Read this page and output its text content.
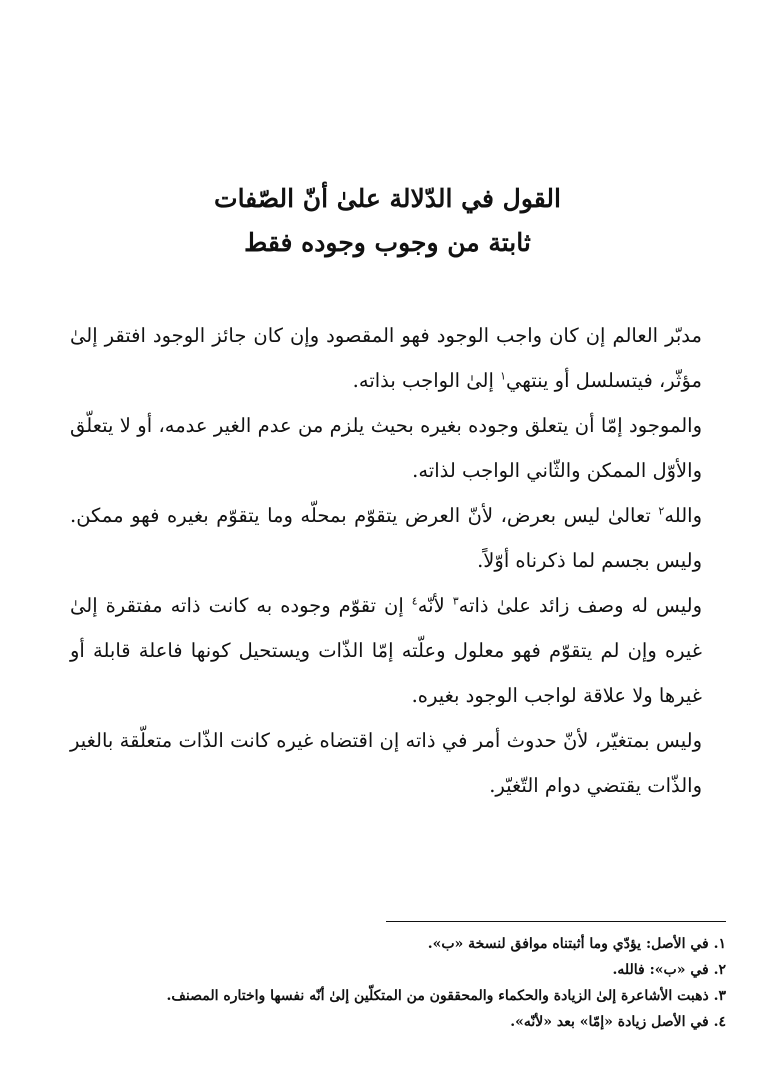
القول في الدّلالة علىٰ أنّ الصّفات
ثابتة من وجوب وجوده فقط

مدبّر العالم إن كان واجب الوجود فهو المقصود وإن كان جائز الوجود افتقر إلىٰ مؤثّر، فيتسلسل أو ينتهي$^١$ إلىٰ الواجب بذاته.

والموجود إمّا أن يتعلق وجوده بغيره بحيث يلزم من عدم الغير عدمه، أو لا يتعلّق والأوّل الممكن والثّاني الواجب لذاته.

والله$^٢$ تعالىٰ ليس بعرض، لأنّ العرض يتقوّم بمحلّه وما يتقوّم بغيره فهو ممكن. وليس بجسم لما ذكرناه أوّلاً.

وليس له وصف زائد علىٰ ذاته$^٣$ لأنّه$^٤$ إن تقوّم وجوده به كانت ذاته مفتقرة إلىٰ غيره وإن لم يتقوّم فهو معلول وعلّته إمّا الذّات ويستحيل كونها فاعلة قابلة أو غيرها ولا علاقة لواجب الوجود بغيره.

وليس بمتغيّر، لأنّ حدوث أمر في ذاته إن اقتضاه غيره كانت الذّات متعلّقة بالغير والذّات يقتضي دوام التّغيّر.

١. في الأصل: يؤدّي وما أثبتناه موافق لنسخة «ب».
٢. في «ب»: فالله.
٣. ذهبت الأشاعرة إلىٰ الزيادة والحكماء والمحققون من المتكلّين إلىٰ أنّه نفسها واختاره المصنف.
٤. في الأصل زيادة «إمّا» بعد «لأنّه».
